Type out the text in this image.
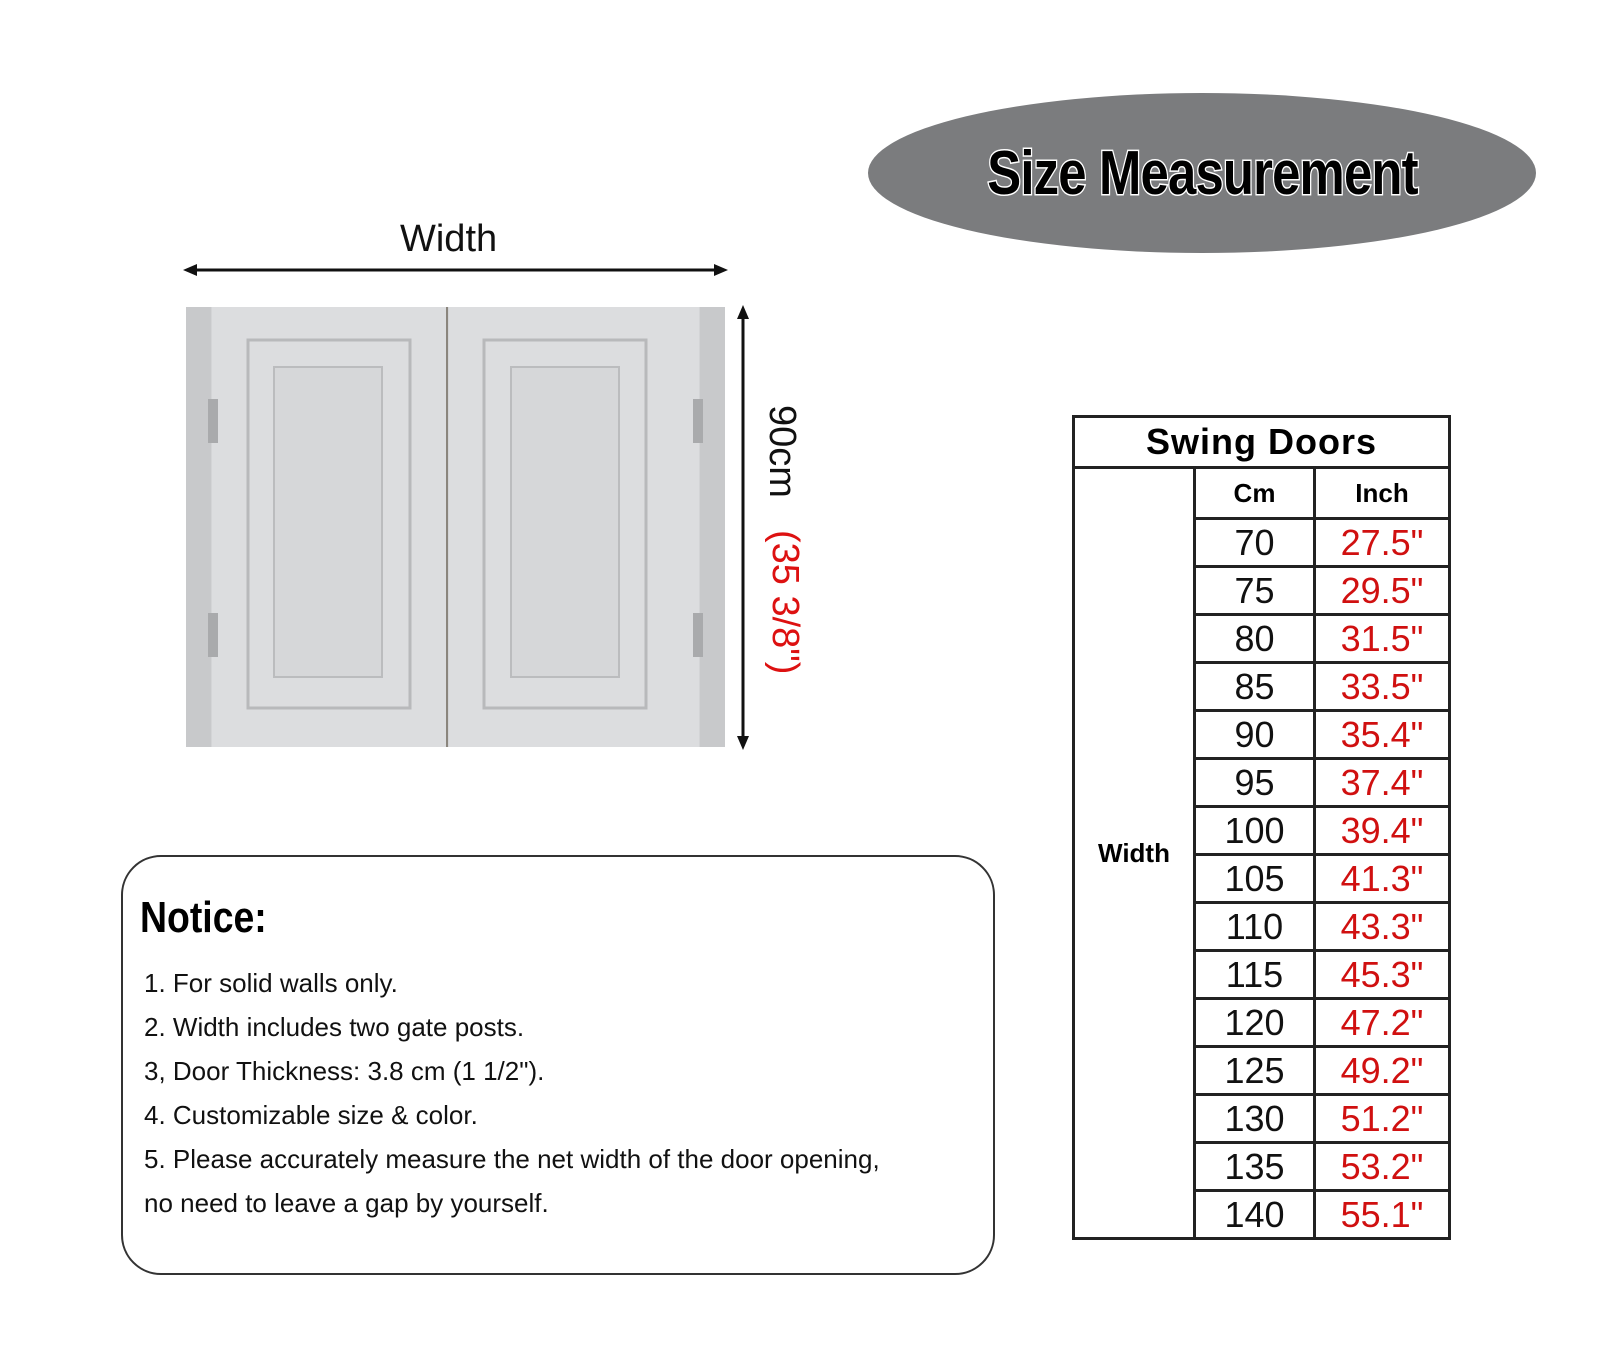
Size Measurement
Width
90cm
(35 3/8")
Notice:
1. For solid walls only.
2. Width includes two gate posts.
3, Door Thickness: 3.8 cm (1 1/2").
4. Customizable size & color.
5. Please accurately measure the net width of the door opening,
no need to leave a gap by yourself.
Swing Doors		
Width	Cm	Inch
	70	27.5"
	75	29.5"
	80	31.5"
	85	33.5"
	90	35.4"
	95	37.4"
	100	39.4"
	105	41.3"
	110	43.3"
	115	45.3"
	120	47.2"
	125	49.2"
	130	51.2"
	135	53.2"
	140	55.1"
